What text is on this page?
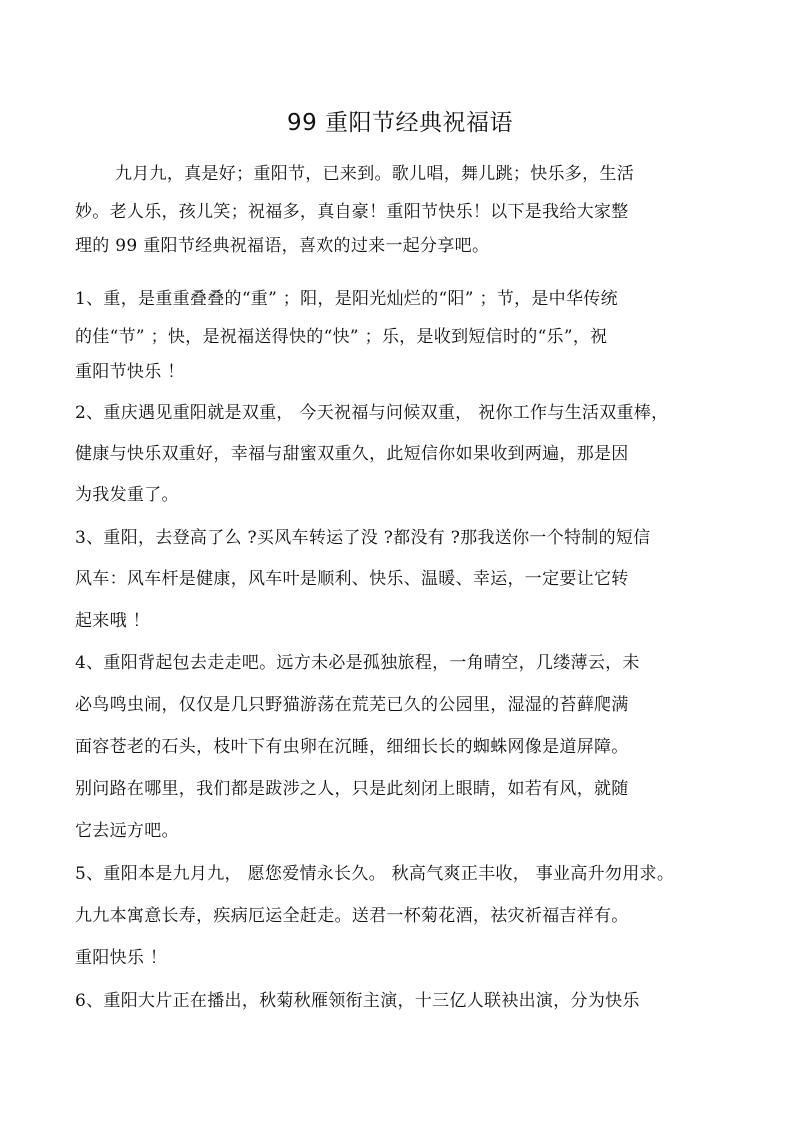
99 重阳节经典祝福语
九月九，真是好；重阳节，已来到。歌儿唱，舞儿跳；快乐多，生活
妙。老人乐，孩儿笑；祝福多，真自豪！重阳节快乐！以下是我给大家整
理的 99 重阳节经典祝福语，喜欢的过来一起分享吧。
1、重，是重重叠叠的“重” ；阳，是阳光灿烂的“阳” ；节，是中华传统
的佳“节” ；快，是祝福送得快的“快” ；乐，是收到短信时的“乐”，祝
重阳节快乐 ！
2、重庆遇见重阳就是双重， 今天祝福与问候双重， 祝你工作与生活双重棒，
健康与快乐双重好，幸福与甜蜜双重久，此短信你如果收到两遍，那是因
为我发重了。
3、重阳，去登高了么 ?买风车转运了没 ?都没有 ?那我送你一个特制的短信
风车：风车杆是健康，风车叶是顺利、快乐、温暖、幸运，一定要让它转
起来哦 ！
4、重阳背起包去走走吧。远方未必是孤独旅程，一角晴空，几缕薄云，未
必鸟鸣虫闹，仅仅是几只野猫游荡在荒芜已久的公园里，湿湿的苔藓爬满
面容苍老的石头，枝叶下有虫卵在沉睡，细细长长的蜘蛛网像是道屏障。
别问路在哪里，我们都是跋涉之人，只是此刻闭上眼睛，如若有风，就随
它去远方吧。
5、重阳本是九月九， 愿您爱情永长久。 秋高气爽正丰收， 事业高升勿用求。
九九本寓意长寿，疾病厄运全赶走。送君一杯菊花酒，祛灾祈福吉祥有。
重阳快乐 ！
6、重阳大片正在播出，秋菊秋雁领衔主演，十三亿人联袂出演，分为快乐
